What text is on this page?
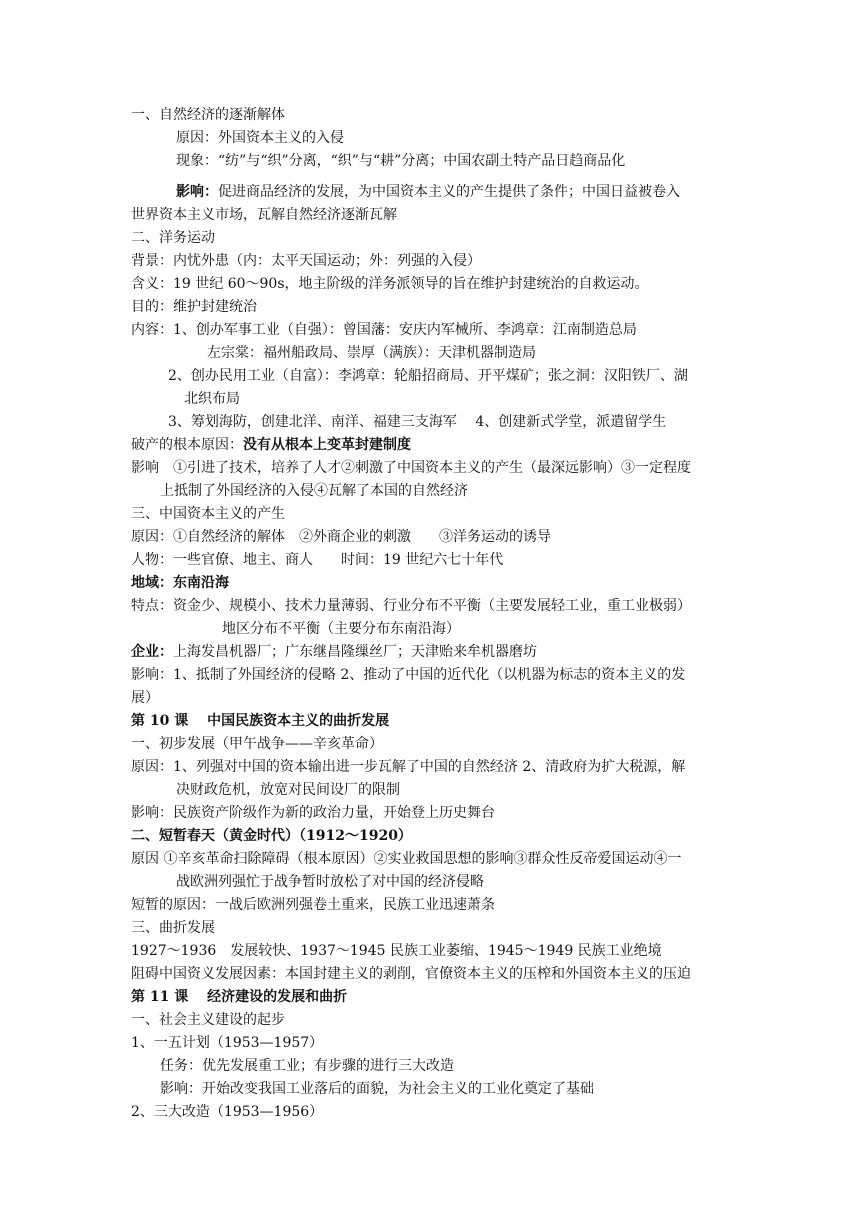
一、自然经济的逐渐解体
原因：外国资本主义的入侵
现象：“纺”与“织”分离，“织”与“耕”分离；中国农副土特产品日趋商品化
影响：促进商品经济的发展，为中国资本主义的产生提供了条件；中国日益被卷入
世界资本主义市场，瓦解自然经济逐渐瓦解
二、洋务运动
背景：内忧外患（内：太平天国运动；外：列强的入侵）
含义：19 世纪 60～90s，地主阶级的洋务派领导的旨在维护封建统治的自救运动。
目的：维护封建统治
内容：1、创办军事工业（自强）：曾国藩：安庆内军械所、李鸿章：江南制造总局
左宗棠：福州船政局、崇厚（满族）：天津机器制造局
2、创办民用工业（自富）：李鸿章：轮船招商局、开平煤矿；张之洞：汉阳铁厂、湖
北织布局
3、筹划海防，创建北洋、南洋、福建三支海军　 4、创建新式学堂，派遣留学生
破产的根本原因：没有从根本上变革封建制度
影响　①引进了技术，培养了人才②刺激了中国资本主义的产生（最深远影响）③一定程度
上抵制了外国经济的入侵④瓦解了本国的自然经济
三、中国资本主义的产生
原因：①自然经济的解体　②外商企业的刺激　　③洋务运动的诱导
人物：一些官僚、地主、商人　　时间：19 世纪六七十年代
地域：东南沿海
特点：资金少、规模小、技术力量薄弱、行业分布不平衡（主要发展轻工业，重工业极弱）
地区分布不平衡（主要分布东南沿海）
企业：上海发昌机器厂；广东继昌隆缫丝厂；天津贻来牟机器磨坊
影响：1、抵制了外国经济的侵略 2、推动了中国的近代化（以机器为标志的资本主义的发
展）
第 10 课　 中国民族资本主义的曲折发展
一、初步发展（甲午战争——辛亥革命）
原因：1、列强对中国的资本输出进一步瓦解了中国的自然经济 2、清政府为扩大税源，解
决财政危机，放宽对民间设厂的限制
影响：民族资产阶级作为新的政治力量，开始登上历史舞台
二、短暂春天（黄金时代）（1912～1920）
原因 ①辛亥革命扫除障碍（根本原因）②实业救国思想的影响③群众性反帝爱国运动④一
战欧洲列强忙于战争暂时放松了对中国的经济侵略
短暂的原因：一战后欧洲列强卷土重来，民族工业迅速萧条
三、曲折发展
1927～1936　发展较快、1937～1945 民族工业萎缩、1945～1949 民族工业绝境
阻碍中国资义发展因素：本国封建主义的剥削，官僚资本主义的压榨和外国资本主义的压迫
第 11 课　 经济建设的发展和曲折
一、社会主义建设的起步
1、一五计划（1953—1957）
任务：优先发展重工业；有步骤的进行三大改造
影响：开始改变我国工业落后的面貌，为社会主义的工业化奠定了基础
2、三大改造（1953—1956）
